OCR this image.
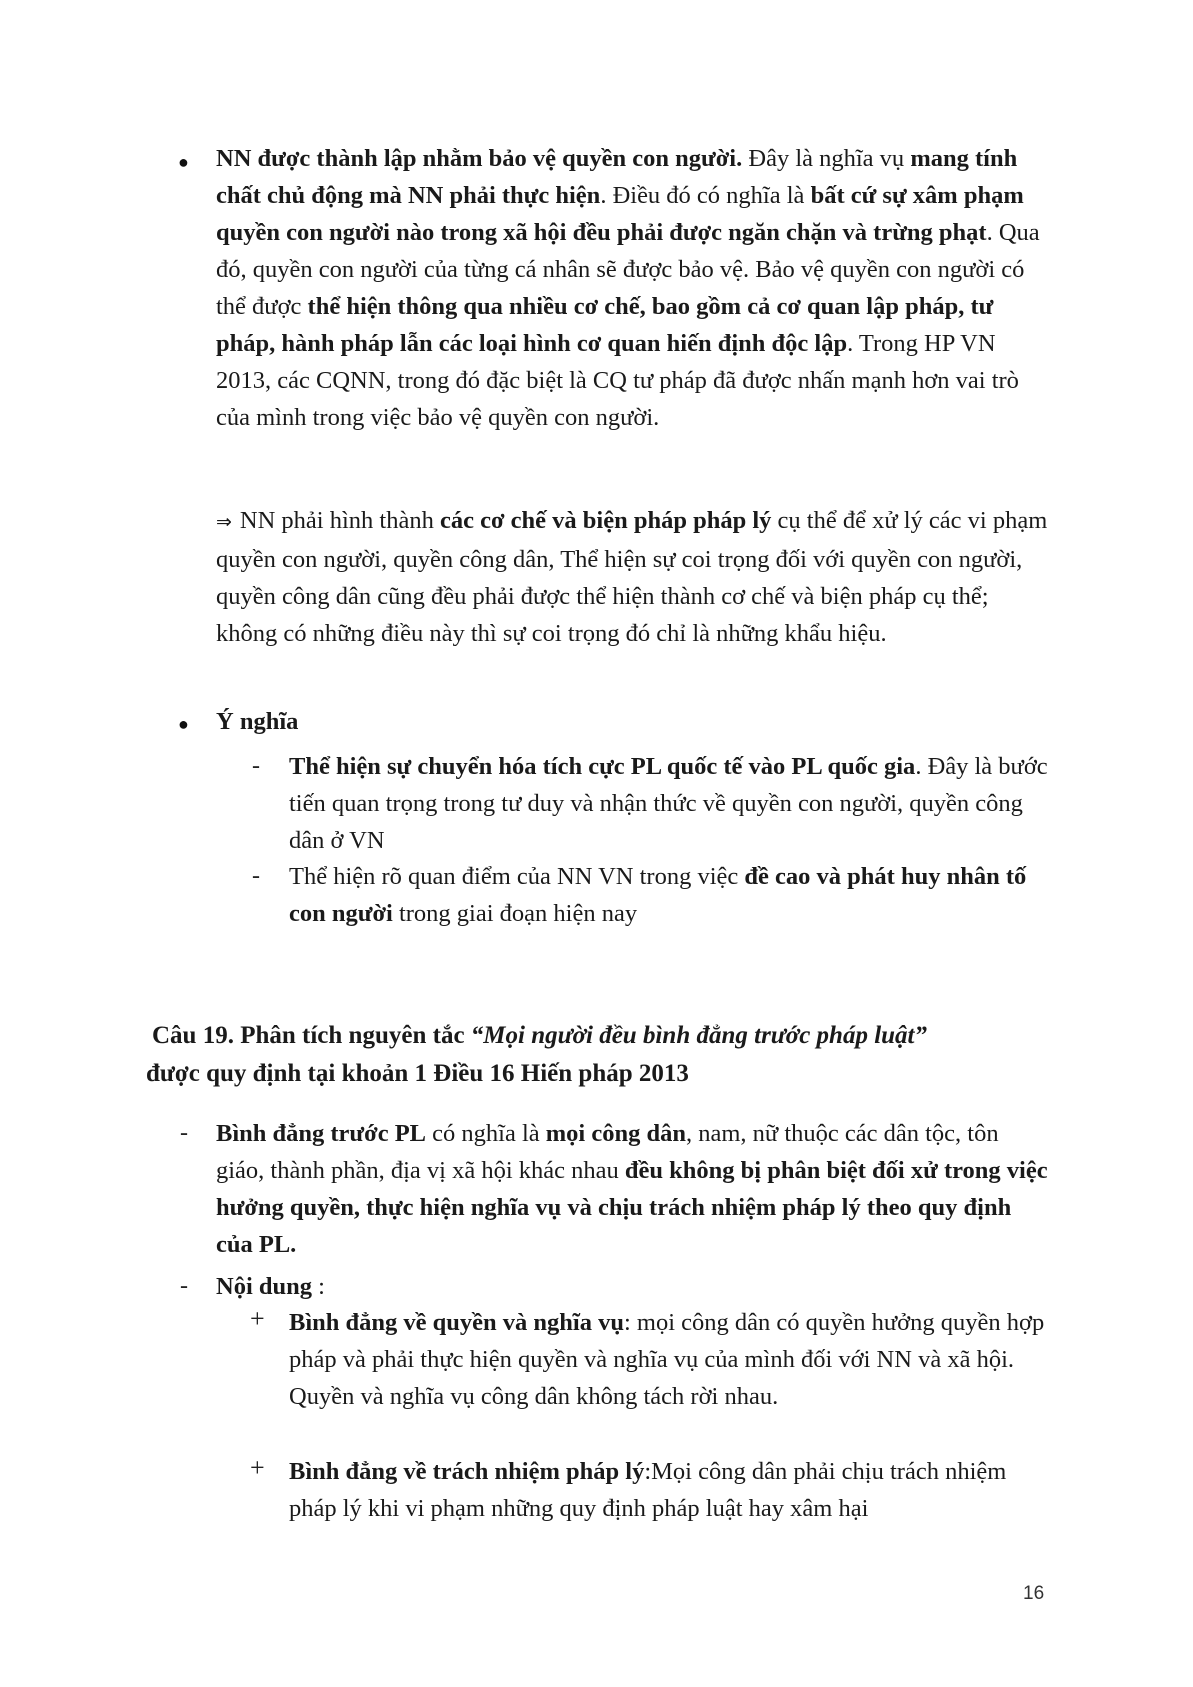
● NN được thành lập nhằm bảo vệ quyền con người. Đây là nghĩa vụ mang tính chất chủ động mà NN phải thực hiện. Điều đó có nghĩa là bất cứ sự xâm phạm quyền con người nào trong xã hội đều phải được ngăn chặn và trừng phạt. Qua đó, quyền con người của từng cá nhân sẽ được bảo vệ. Bảo vệ quyền con người có thể được thể hiện thông qua nhiều cơ chế, bao gồm cả cơ quan lập pháp, tư pháp, hành pháp lẫn các loại hình cơ quan hiến định độc lập. Trong HP VN 2013, các CQNN, trong đó đặc biệt là CQ tư pháp đã được nhấn mạnh hơn vai trò của mình trong việc bảo vệ quyền con người.
⇒ NN phải hình thành các cơ chế và biện pháp pháp lý cụ thể để xử lý các vi phạm quyền con người, quyền công dân, Thể hiện sự coi trọng đối với quyền con người, quyền công dân cũng đều phải được thể hiện thành cơ chế và biện pháp cụ thể; không có những điều này thì sự coi trọng đó chỉ là những khẩu hiệu.
● Ý nghĩa
- Thể hiện sự chuyển hóa tích cực PL quốc tế vào PL quốc gia. Đây là bước tiến quan trọng trong tư duy và nhận thức về quyền con người, quyền công dân ở VN
- Thể hiện rõ quan điểm của NN VN trong việc đề cao và phát huy nhân tố con người trong giai đoạn hiện nay
Câu 19. Phân tích nguyên tắc “Mọi người đều bình đẳng trước pháp luật”
được quy định tại khoản 1 Điều 16 Hiến pháp 2013
- Bình đẳng trước PL có nghĩa là mọi công dân, nam, nữ thuộc các dân tộc, tôn giáo, thành phần, địa vị xã hội khác nhau đều không bị phân biệt đối xử trong việc hưởng quyền, thực hiện nghĩa vụ và chịu trách nhiệm pháp lý theo quy định của PL.
- Nội dung :
+ Bình đẳng về quyền và nghĩa vụ: mọi công dân có quyền hưởng quyền hợp pháp và phải thực hiện quyền và nghĩa vụ của mình đối với NN và xã hội. Quyền và nghĩa vụ công dân không tách rời nhau.
+ Bình đẳng về trách nhiệm pháp lý:Mọi công dân phải chịu trách nhiệm pháp lý khi vi phạm những quy định pháp luật hay xâm hại
16
